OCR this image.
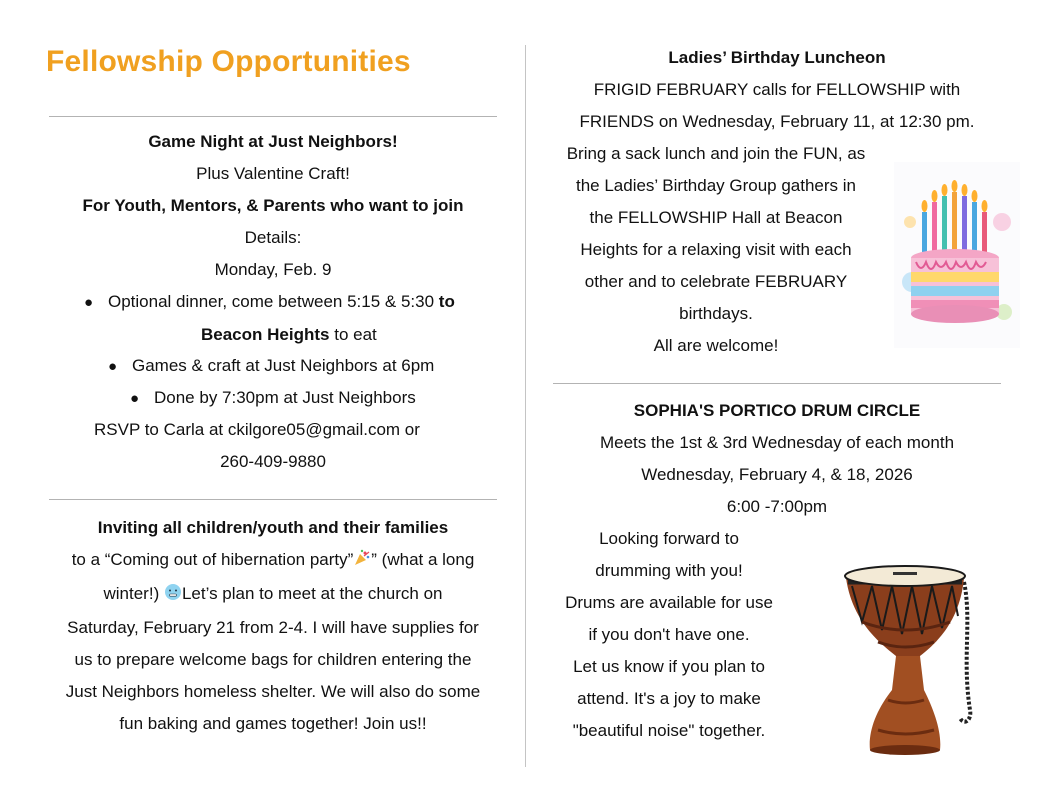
Fellowship Opportunities
Game Night at Just Neighbors!
Plus Valentine Craft!
For Youth, Mentors, & Parents who want to join
Details:
Monday, Feb. 9
● Optional dinner, come between 5:15 & 5:30
to
Beacon Heights
to eat
● Games & craft at Just Neighbors at 6pm
● Done by 7:30pm at Just Neighbors
RSVP to Carla at ckilgore05@gmail.com or
260-409-9880
Inviting all children/youth and their families
to a “Coming out of hibernation party” ” (what a long
winter!) Let’s plan to meet at the church on
Saturday, February 21 from 2-4. I will have supplies for
us to prepare welcome bags for children entering the
Just Neighbors homeless shelter. We will also do some
fun baking and games together! Join us!!
Ladies’ Birthday Luncheon
FRIGID FEBRUARY calls for FELLOWSHIP with
FRIENDS on Wednesday, February 11, at 12:30 pm.
Bring a sack lunch and join the FUN, as
the Ladies’ Birthday Group gathers in
the FELLOWSHIP Hall at Beacon
Heights for a relaxing visit with each
other and to celebrate FEBRUARY
birthdays.
All are welcome!
SOPHIA'S PORTICO DRUM CIRCLE
Meets the 1st & 3rd Wednesday of each month
Wednesday, February 4, & 18, 2026
6:00 -7:00pm
Looking forward to
drumming with you!
Drums are available for use
if you don't have one.
Let us know if you plan to
attend. It's a joy to make
"beautiful noise" together.
